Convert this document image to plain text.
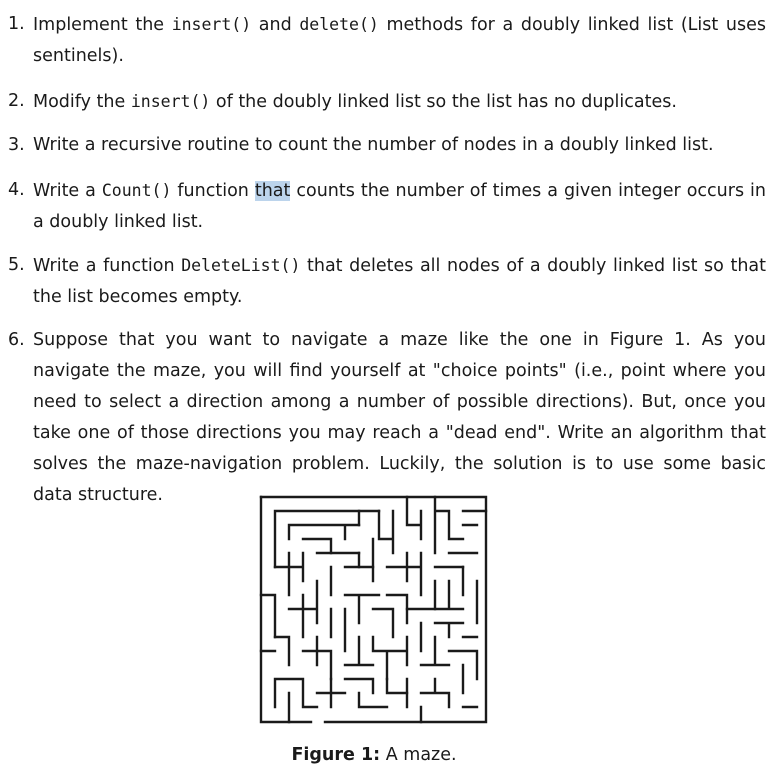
1. Implement the insert() and delete() methods for a doubly linked list (List uses sentinels).
2. Modify the insert() of the doubly linked list so the list has no duplicates.
3. Write a recursive routine to count the number of nodes in a doubly linked list.
4. Write a Count() function that counts the number of times a given integer occurs in a doubly linked list.
5. Write a function DeleteList() that deletes all nodes of a doubly linked list so that the list becomes empty.
6. Suppose that you want to navigate a maze like the one in Figure 1. As you navigate the maze, you will find yourself at "choice points" (i.e., point where you need to select a direction among a number of possible directions). But, once you take one of those directions you may reach a "dead end". Write an algorithm that solves the maze-navigation problem. Luckily, the solution is to use some basic data structure.
Figure 1: A maze.
